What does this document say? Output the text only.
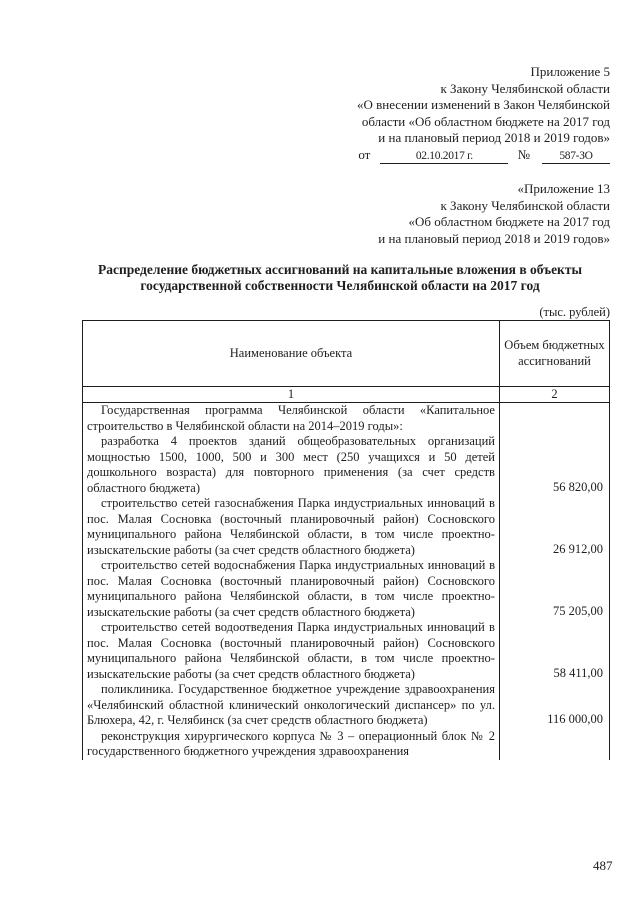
Приложение 5
к Закону Челябинской области
«О внесении изменений в Закон Челябинской
области «Об областном бюджете на 2017 год
и на плановый период 2018 и 2019 годов»
от	02.10.2017 г.	№	587-ЗО
«Приложение 13
к Закону Челябинской области
«Об областном бюджете на 2017 год
и на плановый период 2018 и 2019 годов»
Распределение бюджетных ассигнований на капитальные вложения в объекты
государственной собственности Челябинской области на 2017 год
(тыс. рублей)
Наименование объекта	Объем бюджетных ассигнований
1	2

Государственная программа Челябинской области «Капитальное строительство в Челябинской области на 2014–2019 годы»:	

разработка 4 проектов зданий общеобразовательных организаций мощностью 1500, 1000, 500 и 300 мест (250 учащихся и 50 детей дошкольного возраста) для повторного применения (за счет средств областного бюджета)	56 820,00

строительство сетей газоснабжения Парка индустриальных инноваций в пос. Малая Сосновка (восточный планировочный район) Сосновского муниципального района Челябинской области, в том числе проектно-изыскательские работы (за счет средств областного бюджета)	26 912,00

строительство сетей водоснабжения Парка индустриальных инноваций в пос. Малая Сосновка (восточный планировочный район) Сосновского муниципального района Челябинской области, в том числе проектно-изыскательские работы (за счет средств областного бюджета)	75 205,00

строительство сетей водоотведения Парка индустриальных инноваций в пос. Малая Сосновка (восточный планировочный район) Сосновского муниципального района Челябинской области, в том числе проектно-изыскательские работы (за счет средств областного бюджета)	58 411,00

поликлиника. Государственное бюджетное учреждение здравоохранения «Челябинский областной клинический онкологический диспансер» по ул. Блюхера, 42, г. Челябинск (за счет средств областного бюджета)	116 000,00

реконструкция хирургического корпуса № 3 – операционный блок № 2 государственного бюджетного учреждения здравоохранения	

487
